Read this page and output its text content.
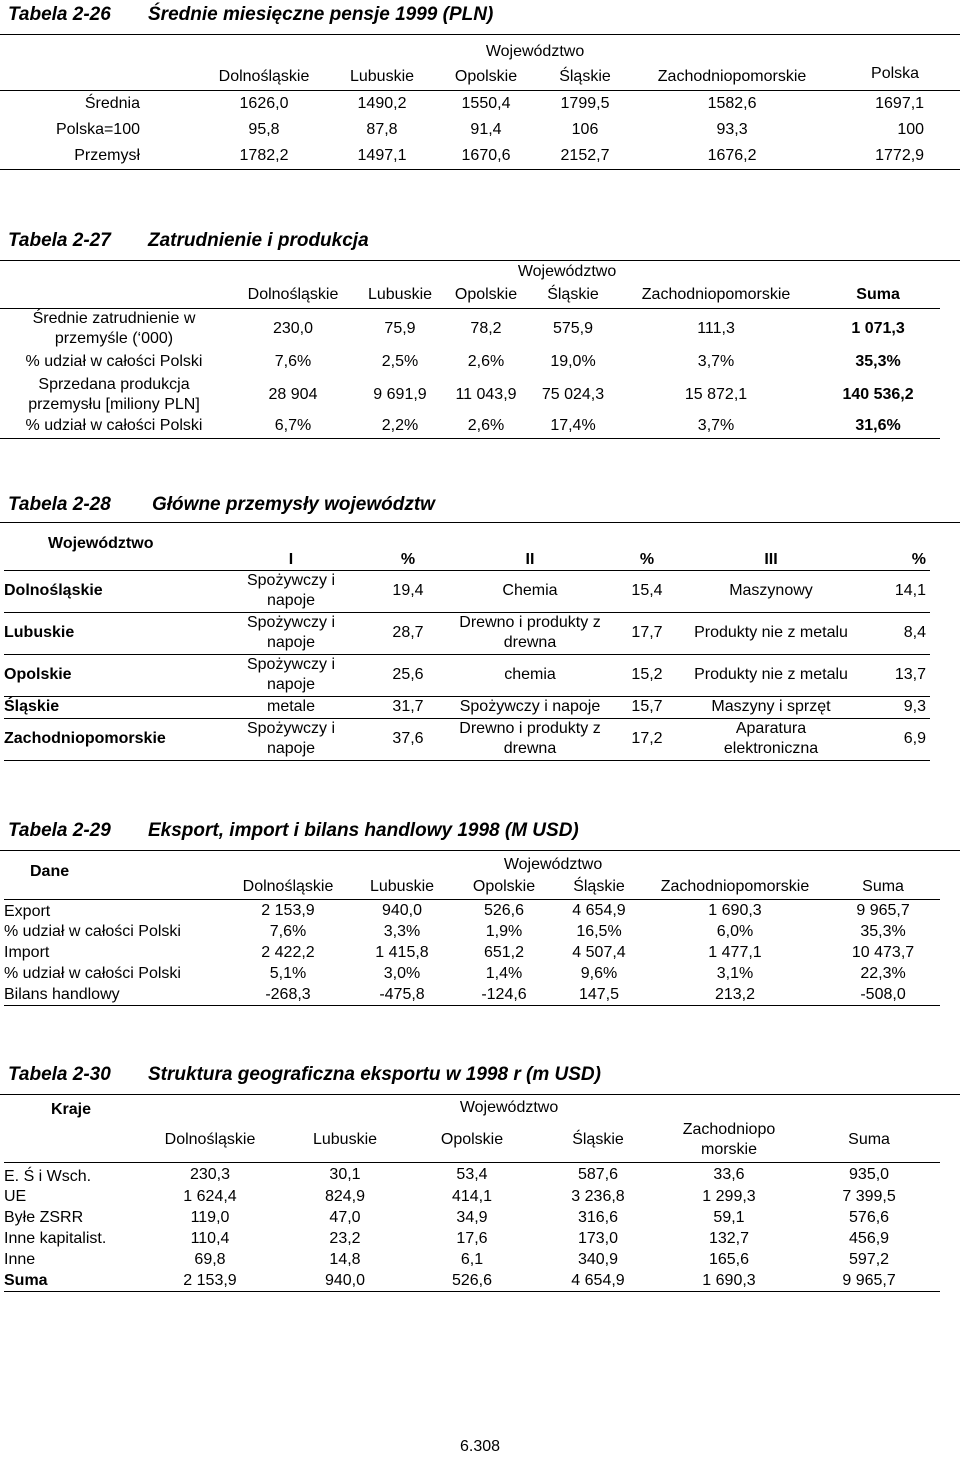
Tabela 2-26 Średnie miesięczne pensje 1999 (PLN)
	Województwo					
	Dolnośląskie	Lubuskie	Opolskie	Śląskie	Zachodniopomorskie	Polska
Średnia	1626,0	1490,2	1550,4	1799,5	1582,6	1697,1
Polska=100	95,8	87,8	91,4	106	93,3	100
Przemysł	1782,2	1497,1	1670,6	2152,7	1676,2	1772,9
Tabela 2-27 Zatrudnienie i produkcja
	Województwo					
	Dolnośląskie	Lubuskie	Opolskie	Śląskie	Zachodniopomorskie	Suma
Średnie zatrudnienie w przemyśle (‘000)	230,0	75,9	78,2	575,9	111,3	1 071,3
% udział w całości Polski	7,6%	2,5%	2,6%	19,0%	3,7%	35,3%
Sprzedana produkcja przemysłu [miliony PLN]	28 904	9 691,9	11 043,9	75 024,3	15 872,1	140 536,2
% udział w całości Polski	6,7%	2,2%	2,6%	17,4%	3,7%	31,6%
Tabela 2-28 Główne przemysły województw
Województwo	I	%	II	%	III	%
Dolnośląskie	Spożywczy i napoje	19,4	Chemia	15,4	Maszynowy	14,1
Lubuskie	Spożywczy i napoje	28,7	Drewno i produkty z drewna	17,7	Produkty nie z metalu	8,4
Opolskie	Spożywczy i napoje	25,6	chemia	15,2	Produkty nie z metalu	13,7
Śląskie	metale	31,7	Spożywczy i napoje	15,7	Maszyny i sprzęt	9,3
Zachodniopomorskie	Spożywczy i napoje	37,6	Drewno i produkty z drewna	17,2	Aparatura elektroniczna	6,9
Tabela 2-29 Eksport, import i bilans handlowy 1998 (M USD)
Dane	Województwo					
	Dolnośląskie	Lubuskie	Opolskie	Śląskie	Zachodniopomorskie	Suma
Export	2 153,9	940,0	526,6	4 654,9	1 690,3	9 965,7
% udział w całości Polski	7,6%	3,3%	1,9%	16,5%	6,0%	35,3%
Import	2 422,2	1 415,8	651,2	4 507,4	1 477,1	10 473,7
% udział w całości Polski	5,1%	3,0%	1,4%	9,6%	3,1%	22,3%
Bilans handlowy	-268,3	-475,8	-124,6	147,5	213,2	-508,0
Tabela 2-30 Struktura geograficzna eksportu w 1998 r (m USD)
Kraje	Województwo					
	Dolnośląskie	Lubuskie	Opolskie	Śląskie	Zachodniopo morskie	Suma
E. Ś i Wsch.	230,3	30,1	53,4	587,6	33,6	935,0
UE	1 624,4	824,9	414,1	3 236,8	1 299,3	7 399,5
Byłe ZSRR	119,0	47,0	34,9	316,6	59,1	576,6
Inne kapitalist.	110,4	23,2	17,6	173,0	132,7	456,9
Inne	69,8	14,8	6,1	340,9	165,6	597,2
Suma	2 153,9	940,0	526,6	4 654,9	1 690,3	9 965,7
6.308
